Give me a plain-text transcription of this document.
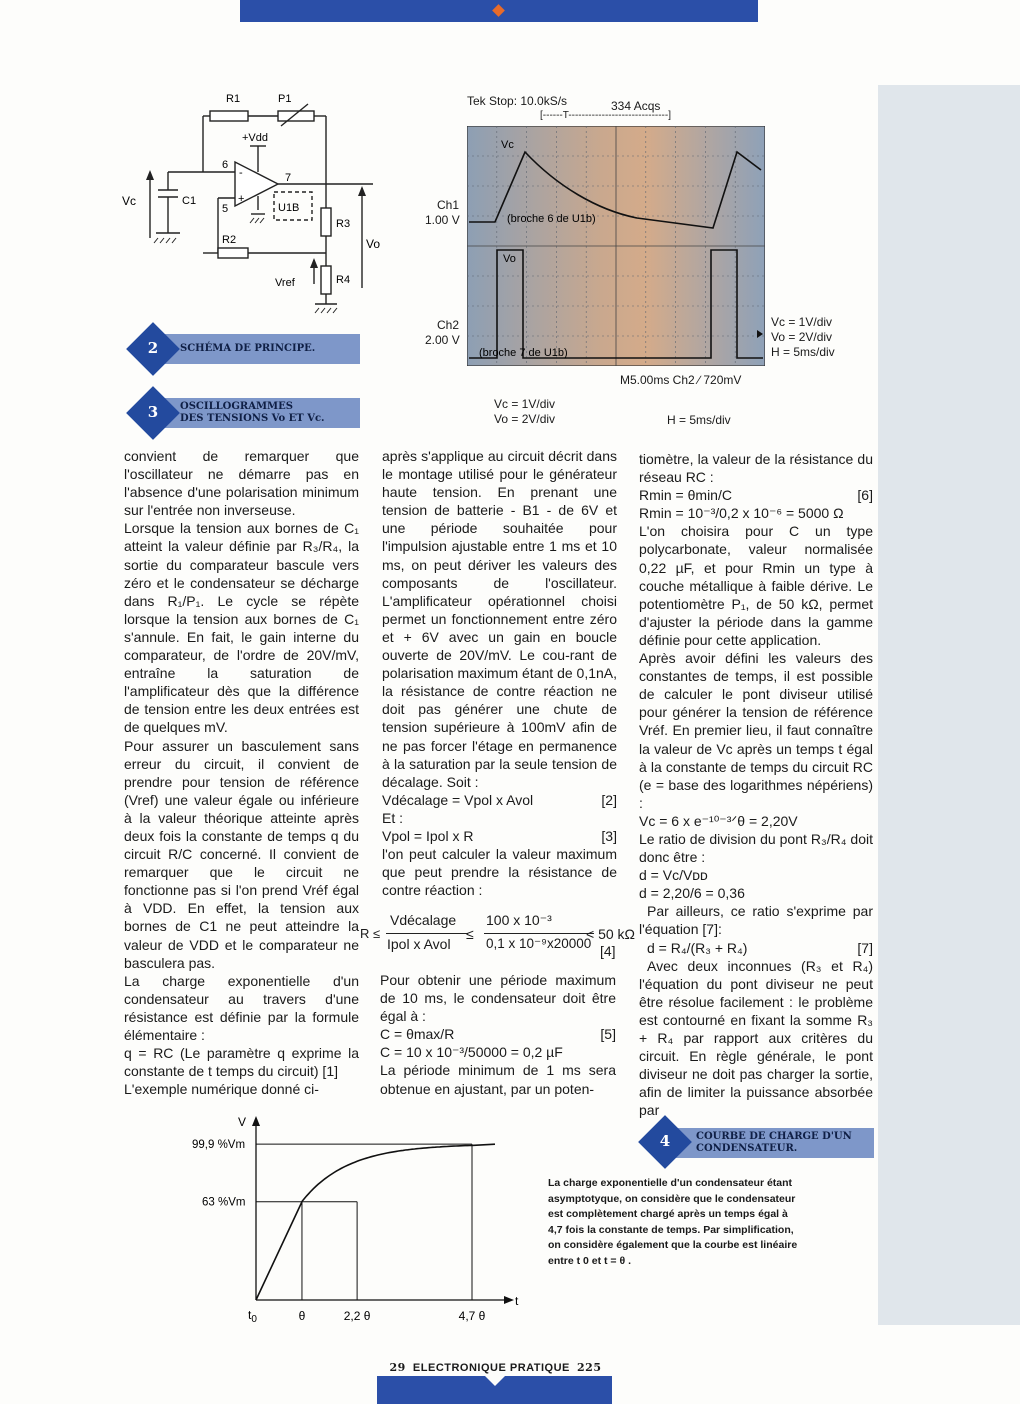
R1	P1
+Vdd
6
7
5
-
+
U1B
C1
R2
R3
R4
Vref
Vc
Vo
SCHÉMA DE PRINCIPE.
2
OSCILLOGRAMMES
DES TENSIONS Vo ET Vc.
3
Tek Stop: 10.0kS/s	334 Acqs
[------T------------------------------]
Ch1
1.00 V
Ch2
2.00 V
Vc
Vo
(broche 6 de U1b)
(broche 7 de U1b)
M5.00ms Ch2 ∕ 720mV
Vc = 1V/div
Vo = 2V/div
H = 5ms/div
Vc = 1V/div
Vo = 2V/div	H = 5ms/div

convient de remarquer que l'oscillateur ne démarre pas en l'absence d'une polarisation minimum sur l'entrée non inverseuse.

Lorsque la tension aux bornes de C₁ atteint la valeur définie par R₃/R₄, la sortie du comparateur bascule vers zéro et le condensateur se décharge dans R₁/P₁. Le cycle se répète lorsque la tension aux bornes de C₁ s'annule. En fait, le gain interne du comparateur, de l'ordre de 20V/mV, entraîne la saturation de l'amplificateur dès que la différence de tension entre les deux entrées est de quelques mV.

Pour assurer un basculement sans erreur du circuit, il convient de prendre pour tension de référence (Vref) une valeur égale ou inférieure à la valeur théorique atteinte après deux fois la constante de temps q du circuit R/C concerné. Il convient de remarquer que le circuit ne fonctionne pas si l'on prend Vréf égal à VDD. En effet, la tension aux bornes de C1 ne peut atteindre la valeur de VDD et le comparateur ne basculera pas.

La charge exponentielle d'un condensateur au travers d'une résistance est définie par la formule élémentaire :

q = RC (Le paramètre q exprime la constante de t temps du circuit) [1]

L'exemple numérique donné ci-

après s'applique au circuit décrit dans le montage utilisé pour le générateur haute tension. En prenant une tension de batterie - B1 - de 6V et une période souhaitée pour l'impulsion ajustable entre 1 ms et 10 ms, on peut dériver les valeurs des composants de l'oscillateur. L'amplificateur opérationnel choisi permet un fonctionnement entre zéro et + 6V avec un gain en boucle ouverte de 20V/mV. Le cou-rant de polarisation maximum étant de 0,1nA, la résistance de contre réaction ne doit pas générer une chute de tension supérieure à 100mV afin de ne pas forcer l'étage en permanence à la saturation par la seule tension de décalage. Soit :

Vdécalage = Vpol x Avol	[2]

Et :

Vpol = Ipol x R	[3]

l'on peut calculer la valeur maximum que peut prendre la résistance de contre réaction :

R ≤
Vdécalage
Ipol x Avol
≤
100 x 10⁻³
0,1 x 10⁻⁹x20000
< 50 kΩ
[4]

Pour obtenir une période maximum de 10 ms, le condensateur doit être égal à :

C = θmax/R	[5]

C = 10 x 10⁻³/50000 = 0,2 µF

La période minimum de 1 ms sera obtenue en ajustant, par un poten-

tiomètre, la valeur de la résistance du réseau RC :

Rmin = θmin/C	[6]

Rmin = 10⁻³/0,2 x 10⁻⁶ = 5000 Ω

L'on choisira pour C un type polycarbonate, valeur normalisée 0,22 µF, et pour Rmin un type à couche métallique à faible dérive. Le potentiomètre P₁, de 50 kΩ, permet d'ajuster la période dans la gamme définie pour cette application.

Après avoir défini les valeurs des constantes de temps, il est possible de calculer le pont diviseur utilisé pour générer la tension de référence Vréf. En premier lieu, il faut connaître la valeur de Vc après un temps t égal à la constante de temps du circuit RC (e = base des logarithmes népériens) :

Vc = 6 x e⁻¹⁰⁻³ᐟθ = 2,20V

Le ratio de division du pont R₃/R₄ doit donc être :

d = Vc/Vᴅᴅ

d = 2,20/6 = 0,36

Par ailleurs, ce ratio s'exprime par l'équation [7]:

d = R₄/(R₃ + R₄)	[7]

Avec deux inconnues (R₃ et R₄) l'équation du pont diviseur ne peut être résolue facilement : le problème est contourné en fixant la somme R₃ + R₄ par rapport aux critères du circuit. En règle générale, le pont diviseur ne doit pas charger la sortie, afin de limiter la puissance absorbée par

COURBE DE CHARGE D'UN
CONDENSATEUR.
4
V
t
99,9 %Vm
63 %Vm
$t_0$	θ	2,2 θ	4,7 θ
La charge exponentielle d'un condensateur étant asymptotyque, on considère que le condensateur est complètement chargé après un temps égal à 4,7 fois la constante de temps. Par simplification, on considère également que la courbe est linéaire entre t 0 et t = θ .
29 ELECTRONIQUE PRATIQUE 225
